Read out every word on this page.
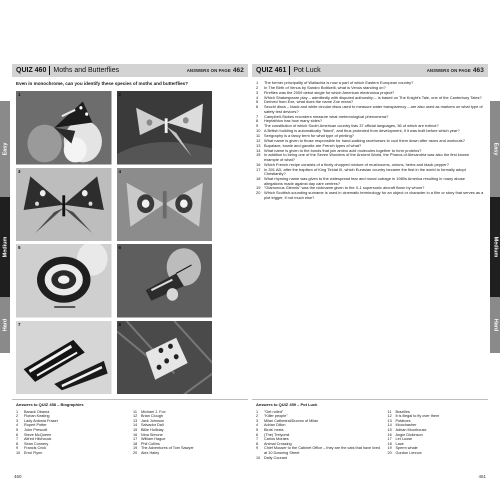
QUIZ 460 Moths and Butterflies	ANSWERS ON PAGE 462
Even in monochrome, can you identify these species of moths and butterflies?
1	2
3	4
5	6
7	8
Answers to QUIZ 458 – Biographies
1	Barack Obama
2	Florian Keating
3	Lady Antonia Fraser
4	Rupert Potter
5	John Prescott
6	Steve McQueen
7	Alfred Hitchcock
8	Sean Connery
9	Francis Crick
10 Errol Flynn
11	Michael J. Fox
12 Brian Clough
13 Jack Johnson
14 Salvador Dalí
15 Billie Holliday
16 Nina Simone
17 William Hague
18 Phil Collins
19 The Adventures of Tom Sawyer
20 Alex Haley
QUIZ 461 Pot Luck	ANSWERS ON PAGE 463
1	The former principality of Wallachia is now a part of which Eastern European country?
2	In The Birth of Venus by Sandro Botticelli, what is Venus standing on?
3	Fireflies was the 2009 debut single for which American electronica project?
4	Which Shakespeare play – admittedly with disputed authorship – is based on The Knight's Tale, one of the Canterbury Tales?
5	Derived from Exe, what does the name Zoe mean?
6	Secchi discs – black and white circular discs used to measure water transparency – are also used as markers on what type of safety test devices?
7	Campbell-Stokes recorders measure what meteorological phenomena?
8	Heptathlon has how many sides?
9	The constitution of which South American country lists 37 official languages, 36 of which are extinct?
10 A British building is automatically "listed", and thus protected from development, if it was built before which year?
11 Serigraphy is a fancy term for what type of printing?
12 What name is given to those responsible for hand-walking racehorses to cool them down after races and workouts?
13 Bupalace, bowie and gavotte are French types of what?
14 What name is given to the bonds that join amino acid molecules together to form proteins?
15 In addition to being one of the Seven Wonders of the Ancient World, the Pharos of Alexandria was also the first known example of what?
16 Which French recipe consists of a finely chopped mixture of mushrooms, onions, herbs and black pepper?
17 In 301 AD, after the baptism of King Tiridat III, which Eurasian country became the first in the world to formally adopt Christianity?
18 What rhyming name was given to the widespread fear and moral outrage in 1980s America resulting in many abuse allegations made against day care centres?
19 "Glamorous Glennis" was the nickname given to the X-1 supersonic aircraft flown by whom?
20 Which Scottish-sounding surname is used in cinematic terminology for an object or character in a film or story that serves as a plot trigger, if not much else?
Answers to QUIZ 459 – Pot Luck
1	"Get rolled"
2	"Killer people"
3	Milan Cathedral/Duomo of Milan
4	Adrian Dillon
5	Birds' nests
6	(The) Trelyomil
7	Carlos Moraes
8	Animal Crossing
9	Chief Mouser to the Cabinet Office – they are the cats that have lived at 10 Downing Street
10 Daily Courant
11	Brazilles
12 It is illegal to fly over them
13 Potatoes
14 Mouchasher
15 Adrian Moorhouse
16 Angie Dickinson
17 Let Loose
18 Lace
19 Sperm whale
20 Gordon Lennox
460	461
Easy
Medium
Hard
Easy
Medium
Hard
